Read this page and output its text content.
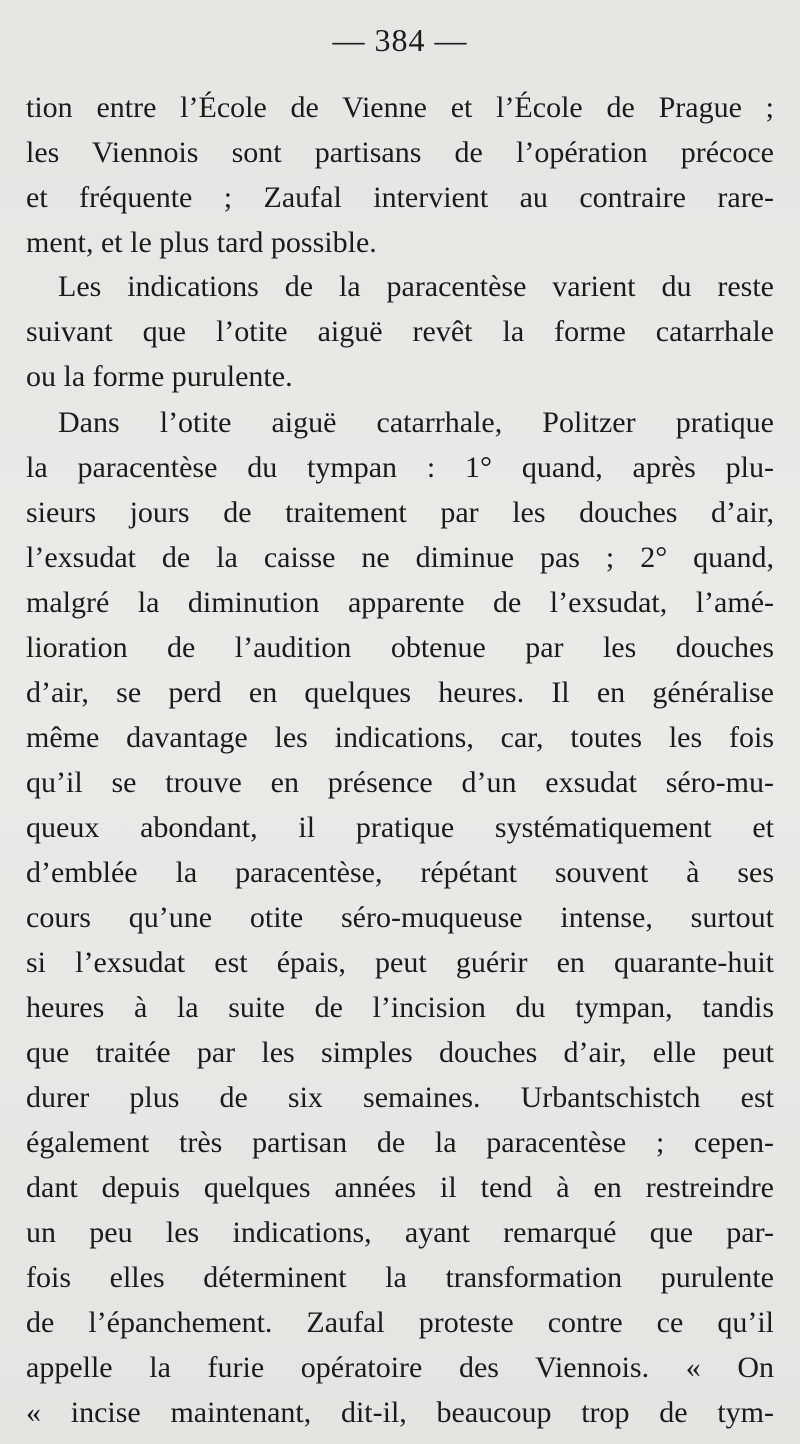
— 384 —
tion entre l’École de Vienne et l’École de Prague ;
les Viennois sont partisans de l’opération précoce
et fréquente ; Zaufal intervient au contraire rare-
ment, et le plus tard possible.
Les indications de la paracentèse varient du reste
suivant que l’otite aiguë revêt la forme catarrhale
ou la forme purulente.
Dans l’otite aiguë catarrhale, Politzer pratique
la paracentèse du tympan : 1° quand, après plu-
sieurs jours de traitement par les douches d’air,
l’exsudat de la caisse ne diminue pas ; 2° quand,
malgré la diminution apparente de l’exsudat, l’amé-
lioration de l’audition obtenue par les douches
d’air, se perd en quelques heures. Il en généralise
même davantage les indications, car, toutes les fois
qu’il se trouve en présence d’un exsudat séro-mu-
queux abondant, il pratique systématiquement et
d’emblée la paracentèse, répétant souvent à ses
cours qu’une otite séro-muqueuse intense, surtout
si l’exsudat est épais, peut guérir en quarante-huit
heures à la suite de l’incision du tympan, tandis
que traitée par les simples douches d’air, elle peut
durer plus de six semaines. Urbantschistch est
également très partisan de la paracentèse ; cepen-
dant depuis quelques années il tend à en restreindre
un peu les indications, ayant remarqué que par-
fois elles déterminent la transformation purulente
de l’épanchement. Zaufal proteste contre ce qu’il
appelle la furie opératoire des Viennois. « On
« incise maintenant, dit-il, beaucoup trop de tym-
